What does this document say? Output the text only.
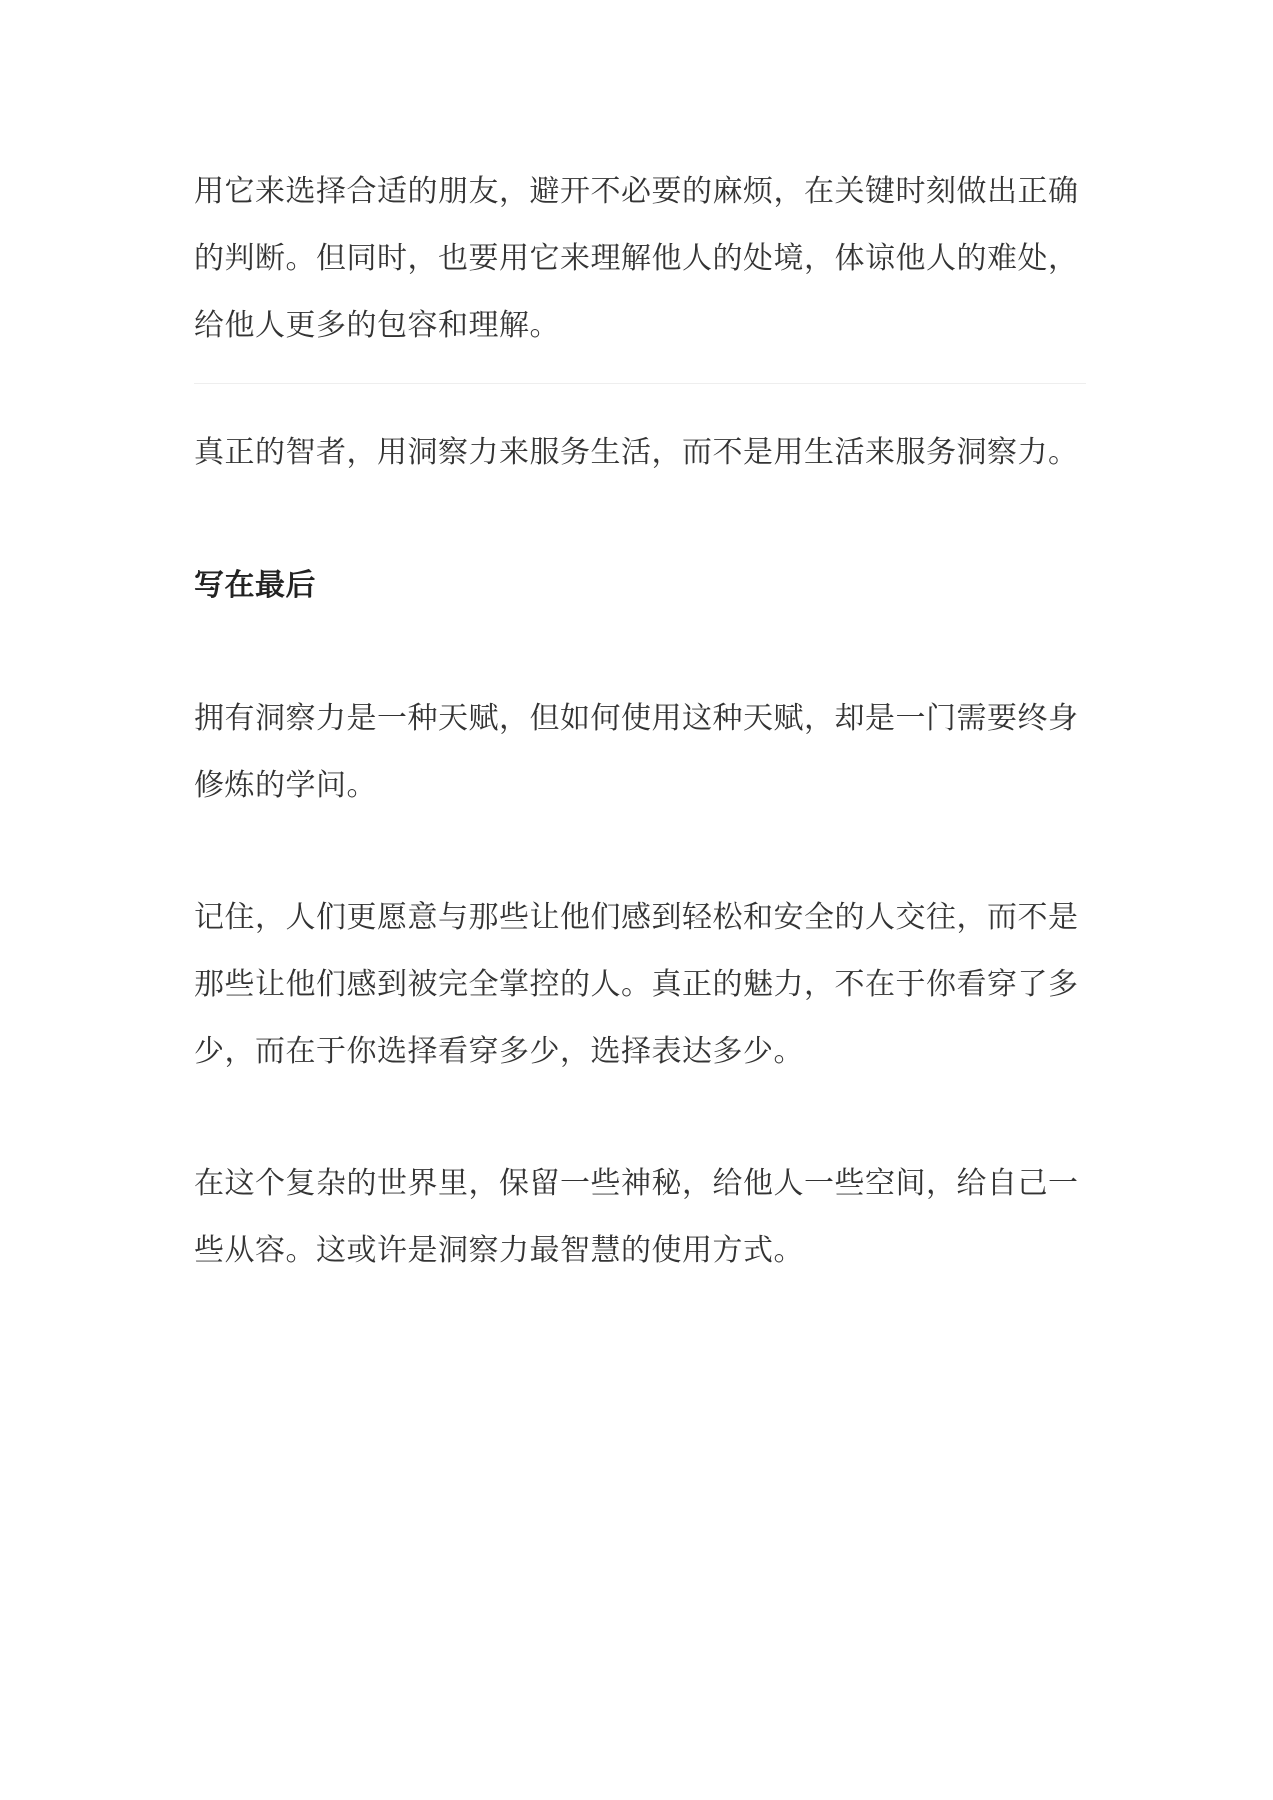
用它来选择合适的朋友，避开不必要的麻烦，在关键时刻做出正确的判断。但同时，也要用它来理解他人的处境，体谅他人的难处，给他人更多的包容和理解。

真正的智者，用洞察力来服务生活，而不是用生活来服务洞察力。

写在最后

拥有洞察力是一种天赋，但如何使用这种天赋，却是一门需要终身修炼的学问。

记住，人们更愿意与那些让他们感到轻松和安全的人交往，而不是那些让他们感到被完全掌控的人。真正的魅力，不在于你看穿了多少，而在于你选择看穿多少，选择表达多少。

在这个复杂的世界里，保留一些神秘，给他人一些空间，给自己一些从容。这或许是洞察力最智慧的使用方式。
